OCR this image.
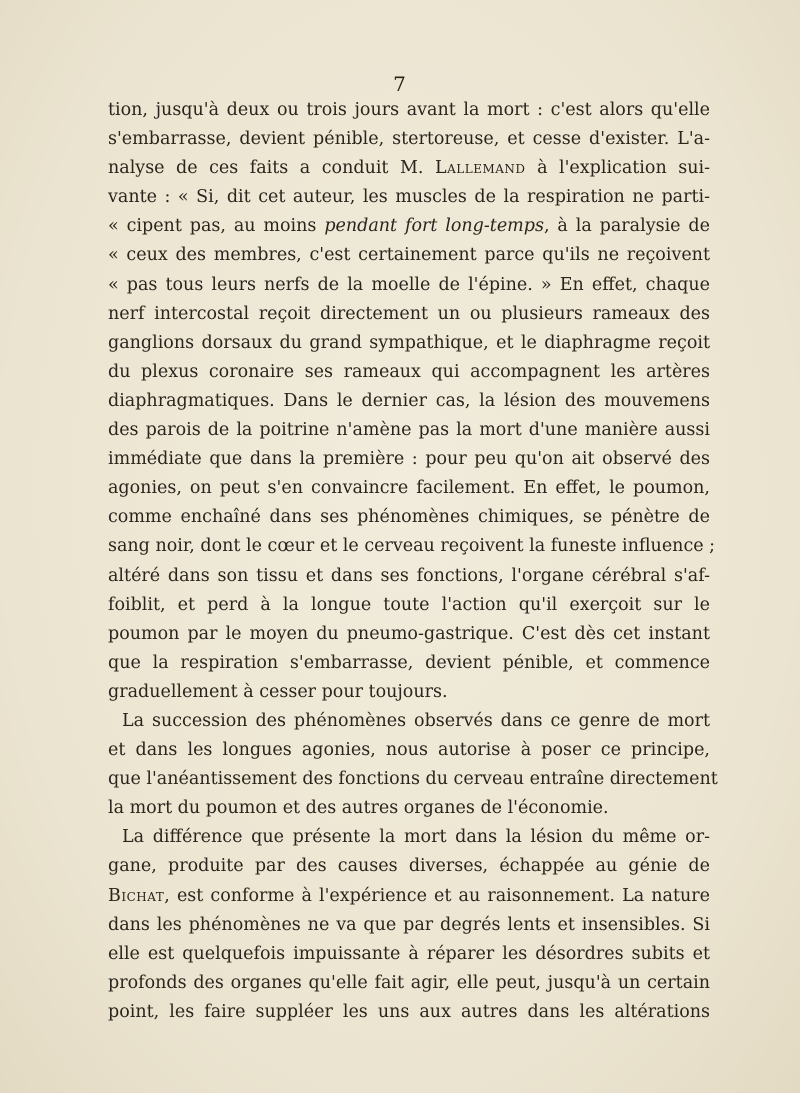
7
tion, jusqu'à deux ou trois jours avant la mort : c'est alors qu'elle
s'embarrasse, devient pénible, stertoreuse, et cesse d'exister. L'a-
nalyse de ces faits a conduit M. Lallemand à l'explication sui-
vante : « Si, dit cet auteur, les muscles de la respiration ne parti-
« cipent pas, au moins pendant fort long-temps, à la paralysie de
« ceux des membres, c'est certainement parce qu'ils ne reçoivent
« pas tous leurs nerfs de la moelle de l'épine. » En effet, chaque
nerf intercostal reçoit directement un ou plusieurs rameaux des
ganglions dorsaux du grand sympathique, et le diaphragme reçoit
du plexus coronaire ses rameaux qui accompagnent les artères
diaphragmatiques. Dans le dernier cas, la lésion des mouvemens
des parois de la poitrine n'amène pas la mort d'une manière aussi
immédiate que dans la première : pour peu qu'on ait observé des
agonies, on peut s'en convaincre facilement. En effet, le poumon,
comme enchaîné dans ses phénomènes chimiques, se pénètre de
sang noir, dont le cœur et le cerveau reçoivent la funeste influence ;
altéré dans son tissu et dans ses fonctions, l'organe cérébral s'af-
foiblit, et perd à la longue toute l'action qu'il exerçoit sur le
poumon par le moyen du pneumo-gastrique. C'est dès cet instant
que la respiration s'embarrasse, devient pénible, et commence
graduellement à cesser pour toujours.
La succession des phénomènes observés dans ce genre de mort
et dans les longues agonies, nous autorise à poser ce principe,
que l'anéantissement des fonctions du cerveau entraîne directement
la mort du poumon et des autres organes de l'économie.
La différence que présente la mort dans la lésion du même or-
gane, produite par des causes diverses, échappée au génie de
Bichat, est conforme à l'expérience et au raisonnement. La nature
dans les phénomènes ne va que par degrés lents et insensibles. Si
elle est quelquefois impuissante à réparer les désordres subits et
profonds des organes qu'elle fait agir, elle peut, jusqu'à un certain
point, les faire suppléer les uns aux autres dans les altérations
